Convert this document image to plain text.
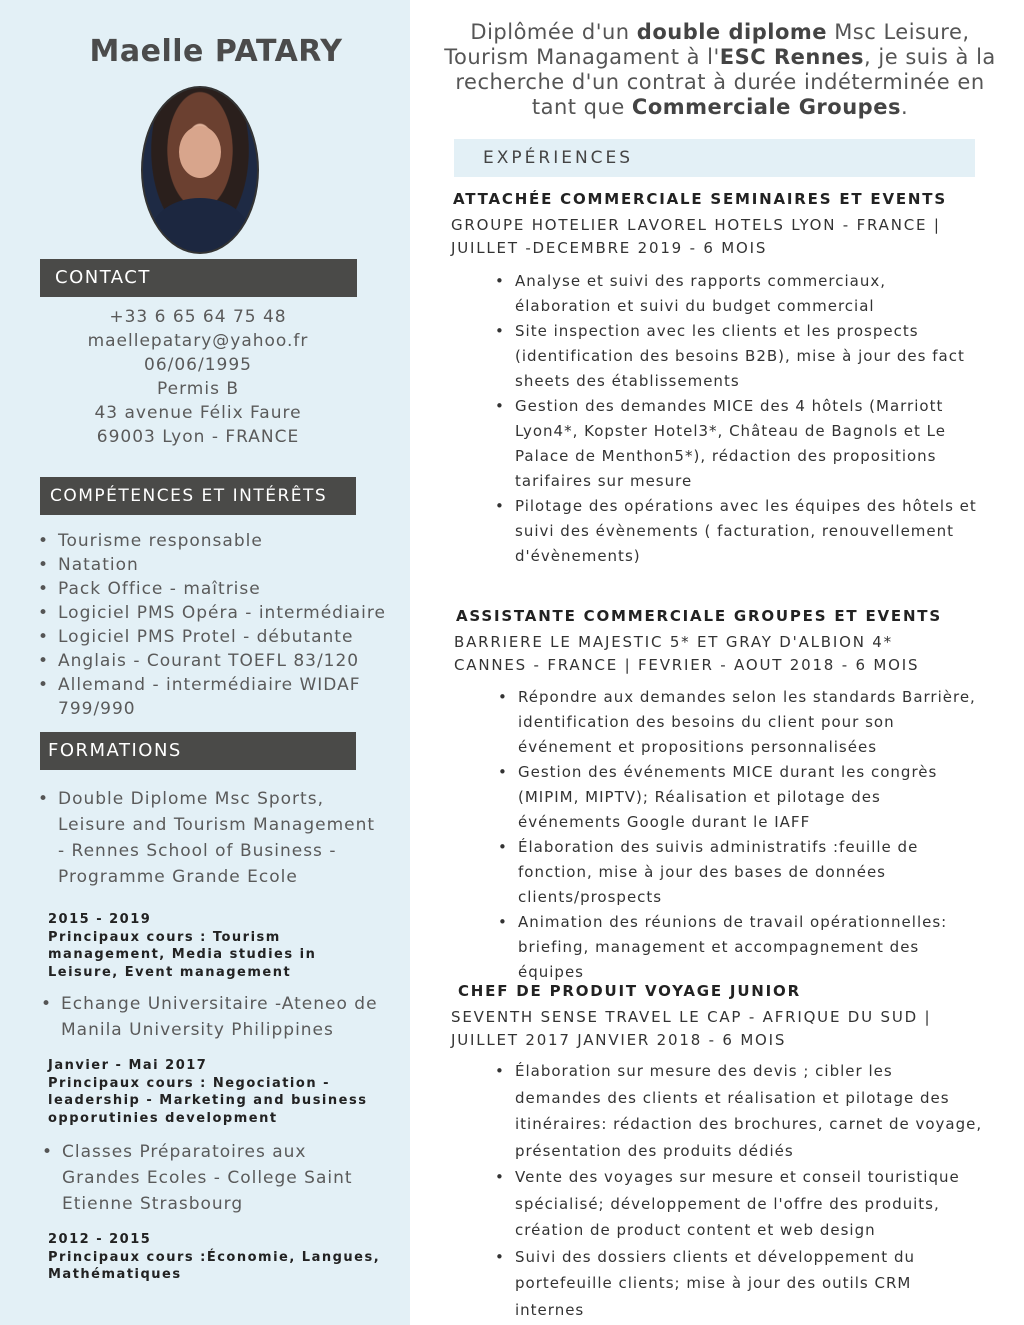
Maelle PATARY
CONTACT
+33 6 65 64 75 48
maellepatary@yahoo.fr
06/06/1995
Permis B
43 avenue Félix Faure
69003 Lyon - FRANCE
COMPÉTENCES ET INTÉRÊTS
• Tourisme responsable
• Natation
• Pack Office - maîtrise
• Logiciel PMS Opéra - intermédiaire
• Logiciel PMS Protel - débutante
• Anglais - Courant TOEFL 83/120
• Allemand - intermédiaire WIDAF 799/990
FORMATIONS
• Double Diplome Msc Sports, Leisure and Tourism Management - Rennes School of Business - Programme Grande Ecole
2015 - 2019
Principaux cours : Tourism management, Media studies in Leisure, Event management
• Echange Universitaire -Ateneo de Manila University Philippines
Janvier - Mai 2017
Principaux cours : Negociation - leadership - Marketing and business opporutinies development
• Classes Préparatoires aux Grandes Ecoles - College Saint Etienne Strasbourg
2012 - 2015
Principaux cours :Économie, Langues, Mathématiques
Diplômée d'un double diplome Msc Leisure, Tourism Managament à l'ESC Rennes, je suis à la recherche d'un contrat à durée indéterminée en tant que Commerciale Groupes.
EXPÉRIENCES
ATTACHÉE COMMERCIALE SEMINAIRES ET EVENTS
GROUPE HOTELIER LAVOREL HOTELS LYON - FRANCE |
JUILLET -DECEMBRE 2019 - 6 MOIS
• Analyse et suivi des rapports commerciaux, élaboration et suivi du budget commercial
• Site inspection avec les clients et les prospects (identification des besoins B2B), mise à jour des fact sheets des établissements
• Gestion des demandes MICE des 4 hôtels (Marriott Lyon4*, Kopster Hotel3*, Château de Bagnols et Le Palace de Menthon5*), rédaction des propositions tarifaires sur mesure
• Pilotage des opérations avec les équipes des hôtels et suivi des évènements ( facturation, renouvellement d'évènements)
ASSISTANTE COMMERCIALE GROUPES ET EVENTS
BARRIERE LE MAJESTIC 5* ET GRAY D'ALBION 4*
CANNES - FRANCE | FEVRIER - AOUT 2018 - 6 MOIS
• Répondre aux demandes selon les standards Barrière, identification des besoins du client pour son événement et propositions personnalisées
• Gestion des événements MICE durant les congrès (MIPIM, MIPTV); Réalisation et pilotage des événements Google durant le IAFF
• Élaboration des suivis administratifs :feuille de fonction, mise à jour des bases de données clients/prospects
• Animation des réunions de travail opérationnelles: briefing, management et accompagnement des équipes
CHEF DE PRODUIT VOYAGE JUNIOR
SEVENTH SENSE TRAVEL LE CAP - AFRIQUE DU SUD |
JUILLET 2017 JANVIER 2018 - 6 MOIS
• Élaboration sur mesure des devis ; cibler les demandes des clients et réalisation et pilotage des itinéraires: rédaction des brochures, carnet de voyage, présentation des produits dédiés
• Vente des voyages sur mesure et conseil touristique spécialisé; développement de l'offre des produits, création de product content et web design
• Suivi des dossiers clients et développement du portefeuille clients; mise à jour des outils CRM internes
